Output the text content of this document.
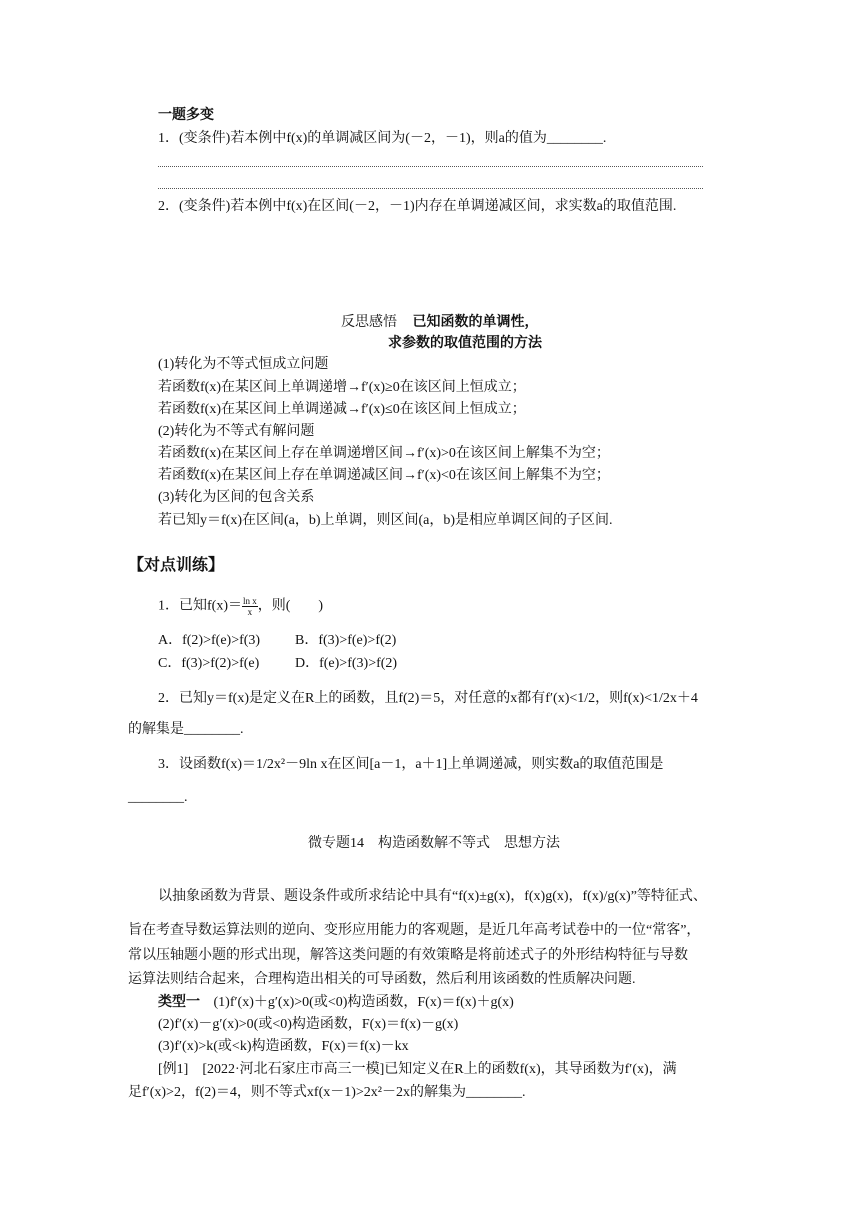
一题多变
1．(变条件)若本例中f(x)的单调减区间为(－2，－1)，则a的值为________.
2．(变条件)若本例中f(x)在区间(－2，－1)内存在单调递减区间，求实数a的取值范围.
反思感悟 已知函数的单调性，
求参数的取值范围的方法
(1)转化为不等式恒成立问题
若函数f(x)在某区间上单调递增→f′(x)≥0在该区间上恒成立；
若函数f(x)在某区间上单调递减→f′(x)≤0在该区间上恒成立；
(2)转化为不等式有解问题
若函数f(x)在某区间上存在单调递增区间→f′(x)>0在该区间上解集不为空；
若函数f(x)在某区间上存在单调递减区间→f′(x)<0在该区间上解集不为空；
(3)转化为区间的包含关系
若已知y＝f(x)在区间(a，b)上单调，则区间(a，b)是相应单调区间的子区间.
【对点训练】
1．已知$f(x)= \frac{\text{ln x}}{x}$ ，则(　　)
A．f(2)>f(e)>f(3) B．f(3)>f(e)>f(2)
C．f(3)>f(2)>f(e)	D．f(e)>f(3)>f(2)
2．已知y＝f(x)是定义在R上的函数，且f(2)＝5，对任意的x都有f′(x)<1/2，则f(x)<1/2x＋4
的解集是________.
3．设函数f(x)＝1/2x²－9ln x在区间[a－1，a＋1]上单调递减，则实数a的取值范围是
________.
微专题14　构造函数解不等式　思想方法
以抽象函数为背景、题设条件或所求结论中具有“f(x)±g(x)，f(x)g(x)，f(x)/g(x)”等特征式、
旨在考查导数运算法则的逆向、变形应用能力的客观题，是近几年高考试卷中的一位“常客”，
常以压轴题小题的形式出现，解答这类问题的有效策略是将前述式子的外形结构特征与导数
运算法则结合起来，合理构造出相关的可导函数，然后利用该函数的性质解决问题.
类型一 (1)f′(x)＋g′(x)>0(或<0)构造函数，F(x)＝f(x)＋g(x)
(2)f′(x)－g′(x)>0(或<0)构造函数，F(x)＝f(x)－g(x)
(3)f′(x)>k(或<k)构造函数，F(x)＝f(x)－kx
[例1]　[2022·河北石家庄市高三一模]已知定义在R上的函数f(x)，其导函数为f′(x)，满
足f′(x)>2，f(2)＝4，则不等式xf(x－1)>2x²－2x的解集为________.
